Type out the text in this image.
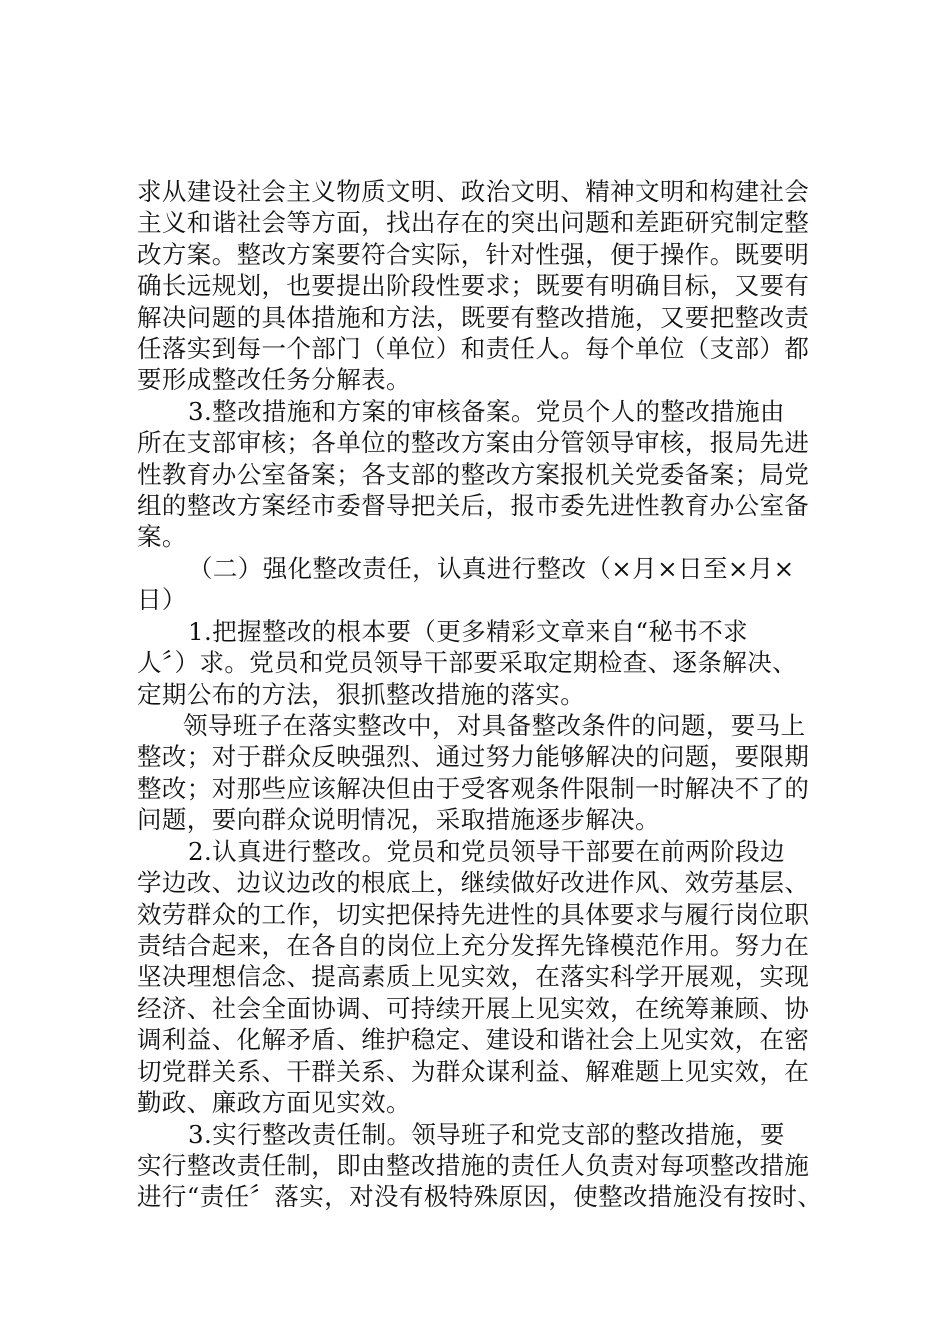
求从建设社会主义物质文明、政治文明、精神文明和构建社会
主义和谐社会等方面，找出存在的突出问题和差距研究制定整
改方案。整改方案要符合实际，针对性强，便于操作。既要明
确长远规划，也要提出阶段性要求；既要有明确目标，又要有
解决问题的具体措施和方法，既要有整改措施，又要把整改责
任落实到每一个部门（单位）和责任人。每个单位（支部）都
要形成整改任务分解表。
3.整改措施和方案的审核备案。党员个人的整改措施由
所在支部审核；各单位的整改方案由分管领导审核，报局先进
性教育办公室备案；各支部的整改方案报机关党委备案；局党
组的整改方案经市委督导把关后，报市委先进性教育办公室备
案。
（二）强化整改责任，认真进行整改（×月×日至×月×
日）
1.把握整改的根本要（更多精彩文章来自“秘书不求
人〞）求。党员和党员领导干部要采取定期检查、逐条解决、
定期公布的方法，狠抓整改措施的落实。
领导班子在落实整改中，对具备整改条件的问题，要马上
整改；对于群众反映强烈、通过努力能够解决的问题，要限期
整改；对那些应该解决但由于受客观条件限制一时解决不了的
问题，要向群众说明情况，采取措施逐步解决。
2.认真进行整改。党员和党员领导干部要在前两阶段边
学边改、边议边改的根底上，继续做好改进作风、效劳基层、
效劳群众的工作，切实把保持先进性的具体要求与履行岗位职
责结合起来，在各自的岗位上充分发挥先锋模范作用。努力在
坚决理想信念、提高素质上见实效，在落实科学开展观，实现
经济、社会全面协调、可持续开展上见实效，在统筹兼顾、协
调利益、化解矛盾、维护稳定、建设和谐社会上见实效，在密
切党群关系、干群关系、为群众谋利益、解难题上见实效，在
勤政、廉政方面见实效。
3.实行整改责任制。领导班子和党支部的整改措施，要
实行整改责任制，即由整改措施的责任人负责对每项整改措施
进行“责任〞落实，对没有极特殊原因，使整改措施没有按时、
